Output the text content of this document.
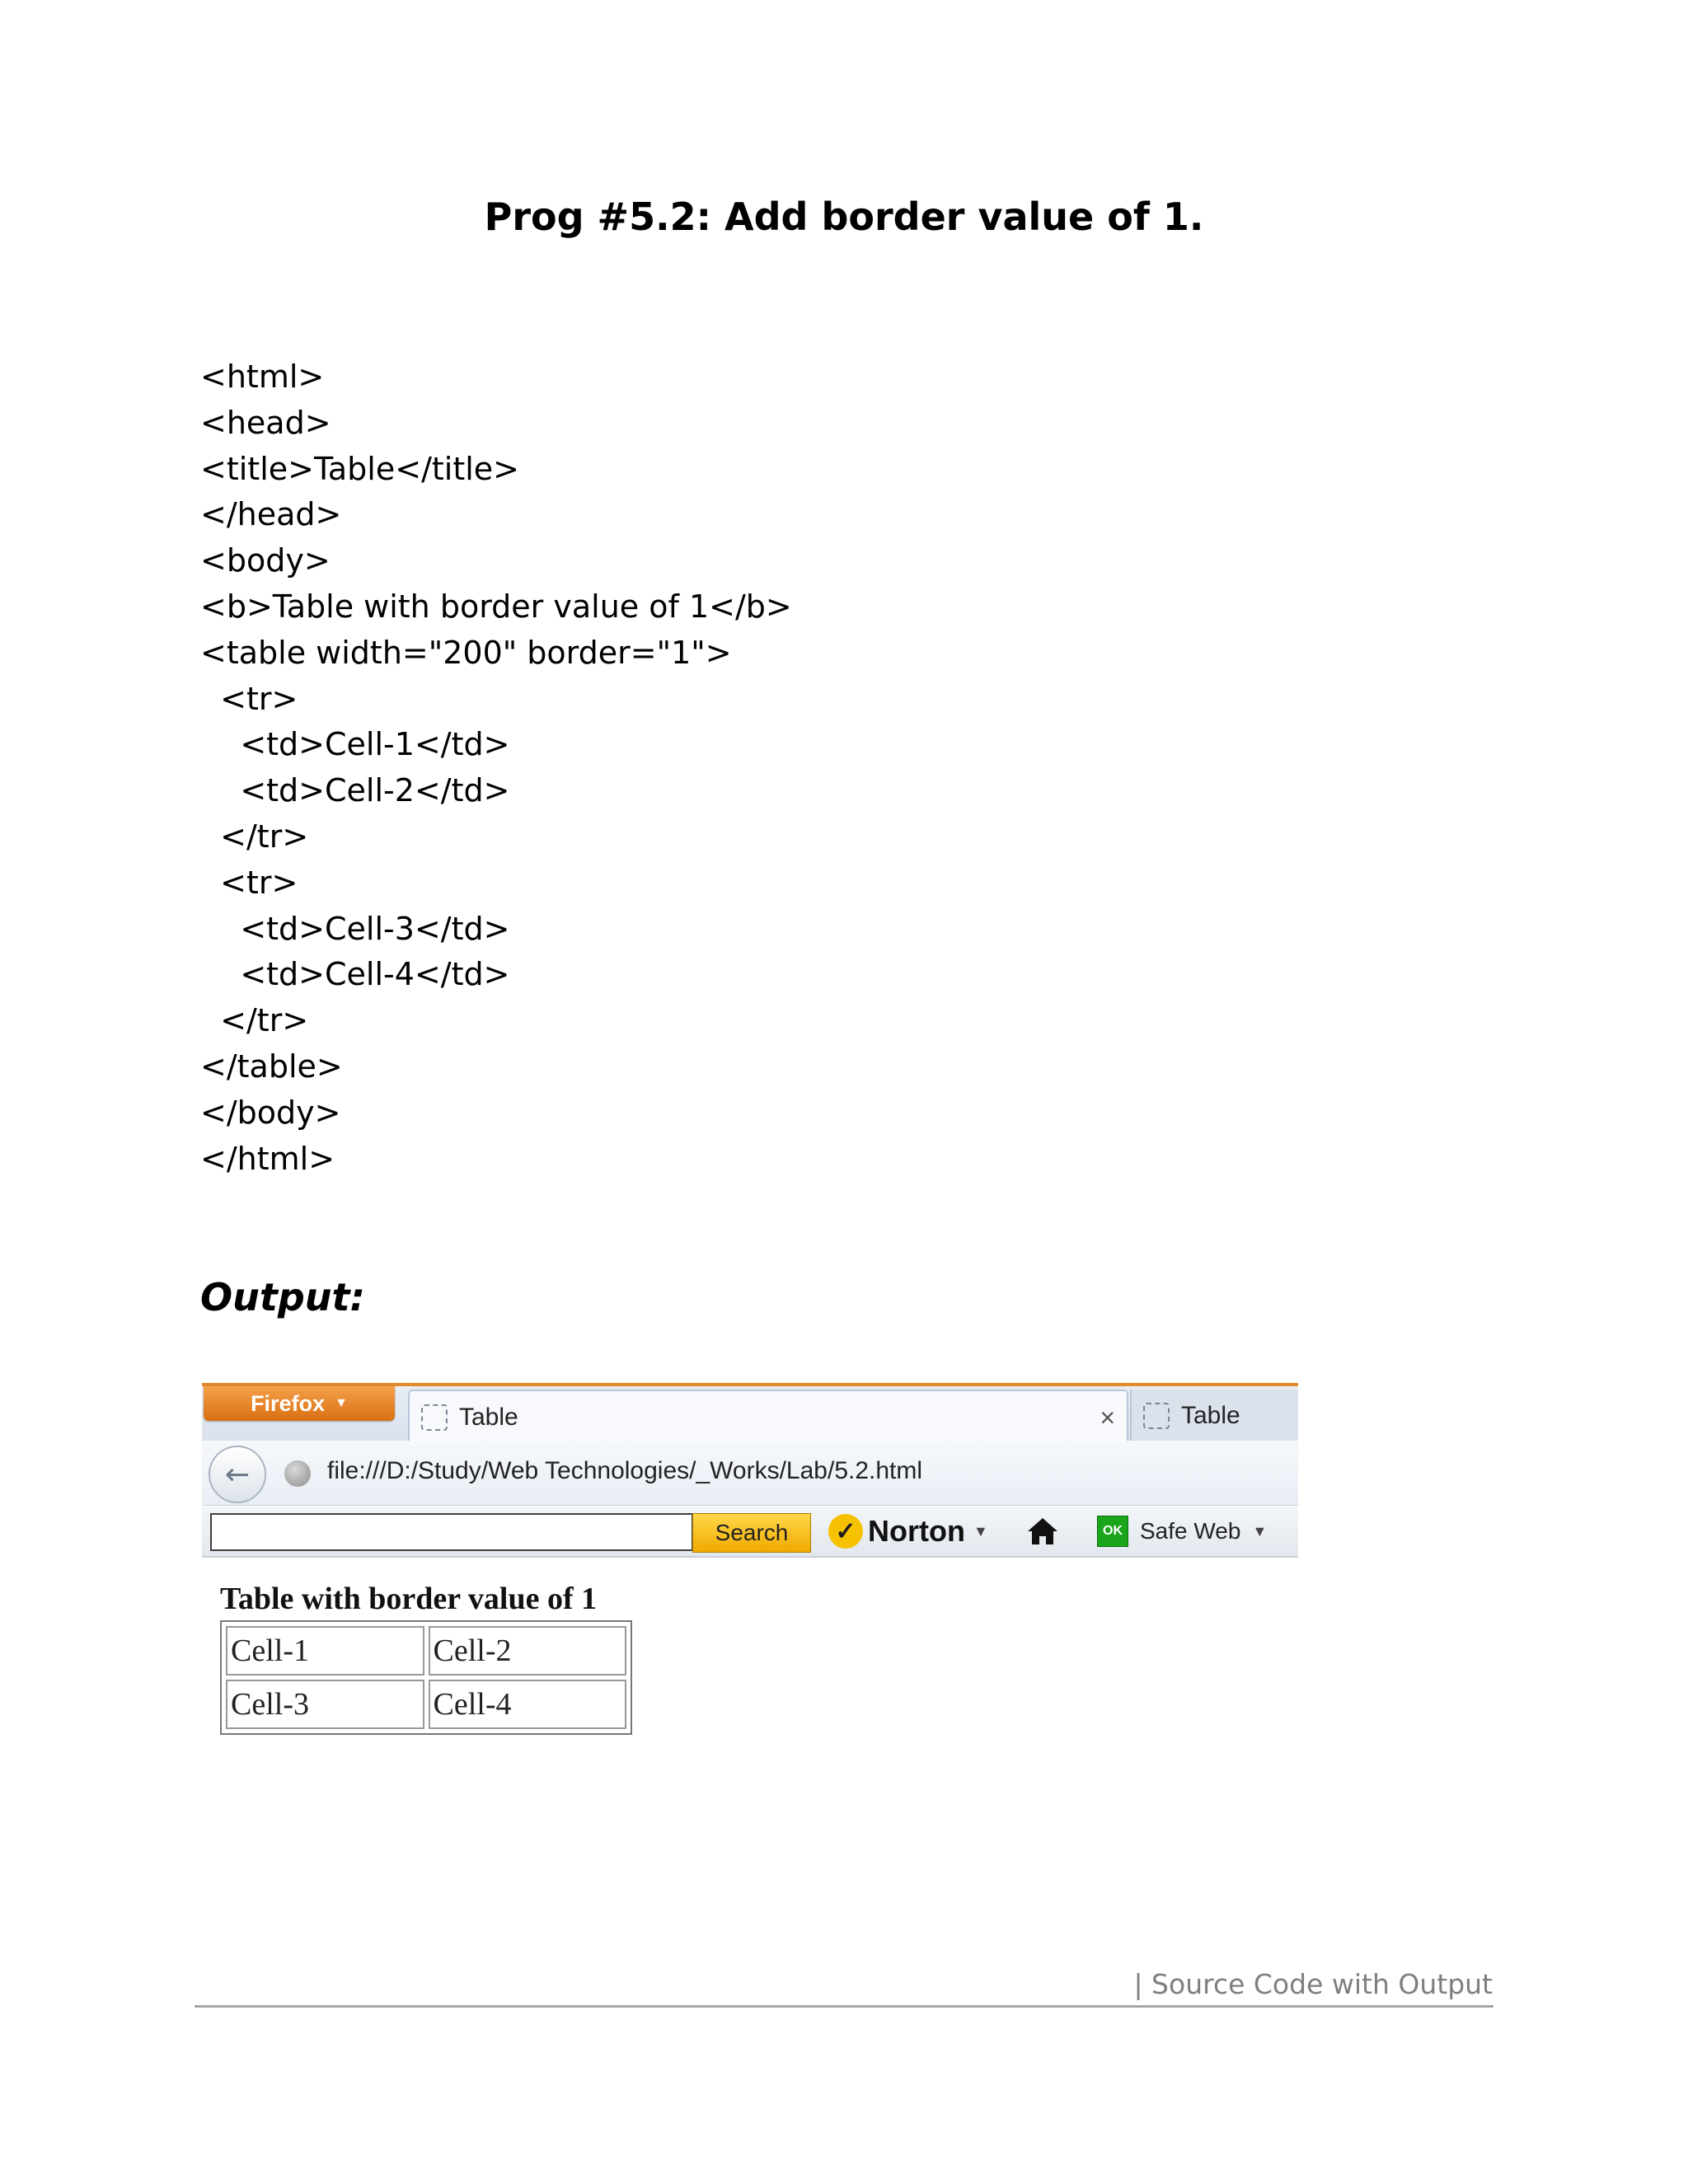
Prog #5.2: Add border value of 1.
<html>
<head>
<title>Table</title>
</head>
<body>
<b>Table with border value of 1</b>
<table width="200" border="1">
<tr>
<td>Cell-1</td>
<td>Cell-2</td>
</tr>
<tr>
<td>Cell-3</td>
<td>Cell-4</td>
</tr>
</table>
</body>
</html>
Output:
Firefox ▼
Table	×	Table
←	file:///D:/Study/Web Technologies/_Works/Lab/5.2.html
Search	✓ Norton ▼	OK Safe Web ▼
Table with border value of 1
Cell-1	Cell-2
Cell-3	Cell-4
| Source Code with Output
